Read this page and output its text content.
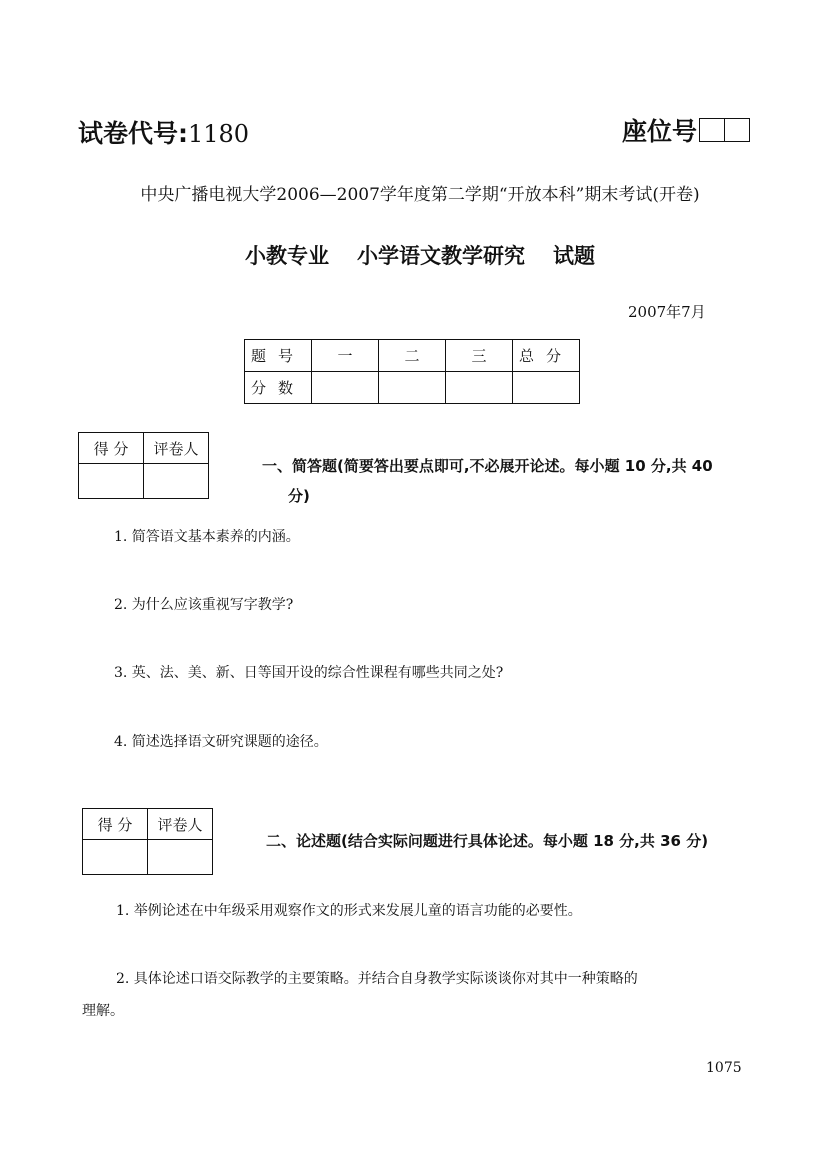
试卷代号:1180	座位号
中央广播电视大学2006—2007学年度第二学期“开放本科”期末考试(开卷)
小教专业 小学语文教学研究 试题
2007年7月
题号	一	二	三	总分
分数				
得 分	评卷人

一、简答题(简要答出要点即可,不必展开论述。每小题 10 分,共 40
分)
1. 简答语文基本素养的内涵。
2. 为什么应该重视写字教学?
3. 英、法、美、新、日等国开设的综合性课程有哪些共同之处?
4. 简述选择语文研究课题的途径。
得 分	评卷人

二、论述题(结合实际问题进行具体论述。每小题 18 分,共 36 分)
1. 举例论述在中年级采用观察作文的形式来发展儿童的语言功能的必要性。
2. 具体论述口语交际教学的主要策略。并结合自身教学实际谈谈你对其中一种策略的
理解。
1075
